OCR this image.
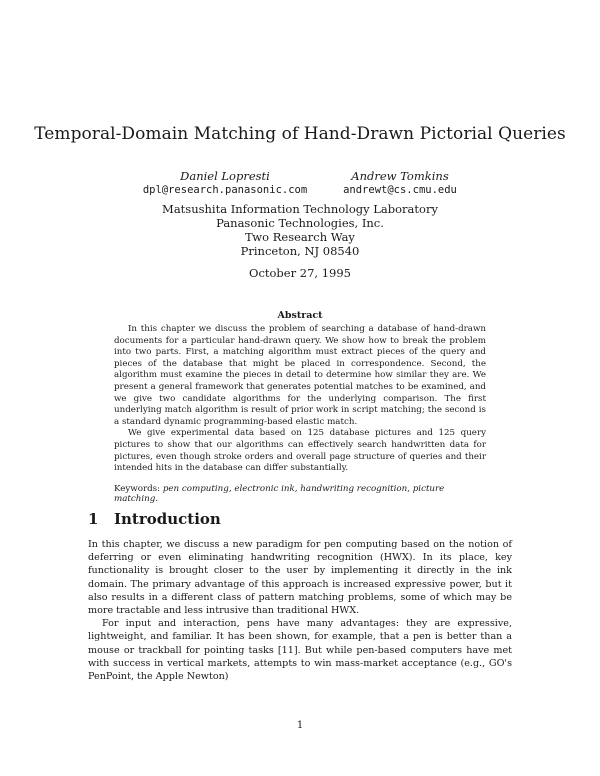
Temporal-Domain Matching of Hand-Drawn Pictorial Queries
Daniel Lopresti
dpl@research.panasonic.com
Andrew Tomkins
andrewt@cs.cmu.edu
Matsushita Information Technology Laboratory
Panasonic Technologies, Inc.
Two Research Way
Princeton, NJ 08540
October 27, 1995
Abstract

In this chapter we discuss the problem of searching a database of hand-drawn documents for a particular hand-drawn query. We show how to break the problem into two parts. First, a matching algorithm must extract pieces of the query and pieces of the database that might be placed in correspondence. Second, the algorithm must examine the pieces in detail to determine how similar they are. We present a general framework that generates potential matches to be examined, and we give two candidate algorithms for the underlying comparison. The first underlying match algorithm is result of prior work in script matching; the second is a standard dynamic programming-based elastic match.

We give experimental data based on 125 database pictures and 125 query pictures to show that our algorithms can effectively search handwritten data for pictures, even though stroke orders and overall page structure of queries and their intended hits in the database can differ substantially.

Keywords: pen computing, electronic ink, handwriting recognition, picture matching.
1 Introduction

In this chapter, we discuss a new paradigm for pen computing based on the notion of deferring or even eliminating handwriting recognition (HWX). In its place, key functionality is brought closer to the user by implementing it directly in the ink domain. The primary advantage of this approach is increased expressive power, but it also results in a different class of pattern matching problems, some of which may be more tractable and less intrusive than traditional HWX.

For input and interaction, pens have many advantages: they are expressive, lightweight, and familiar. It has been shown, for example, that a pen is better than a mouse or trackball for pointing tasks [11]. But while pen-based computers have met with success in vertical markets, attempts to win mass-market acceptance (e.g., GO's PenPoint, the Apple Newton)

1
